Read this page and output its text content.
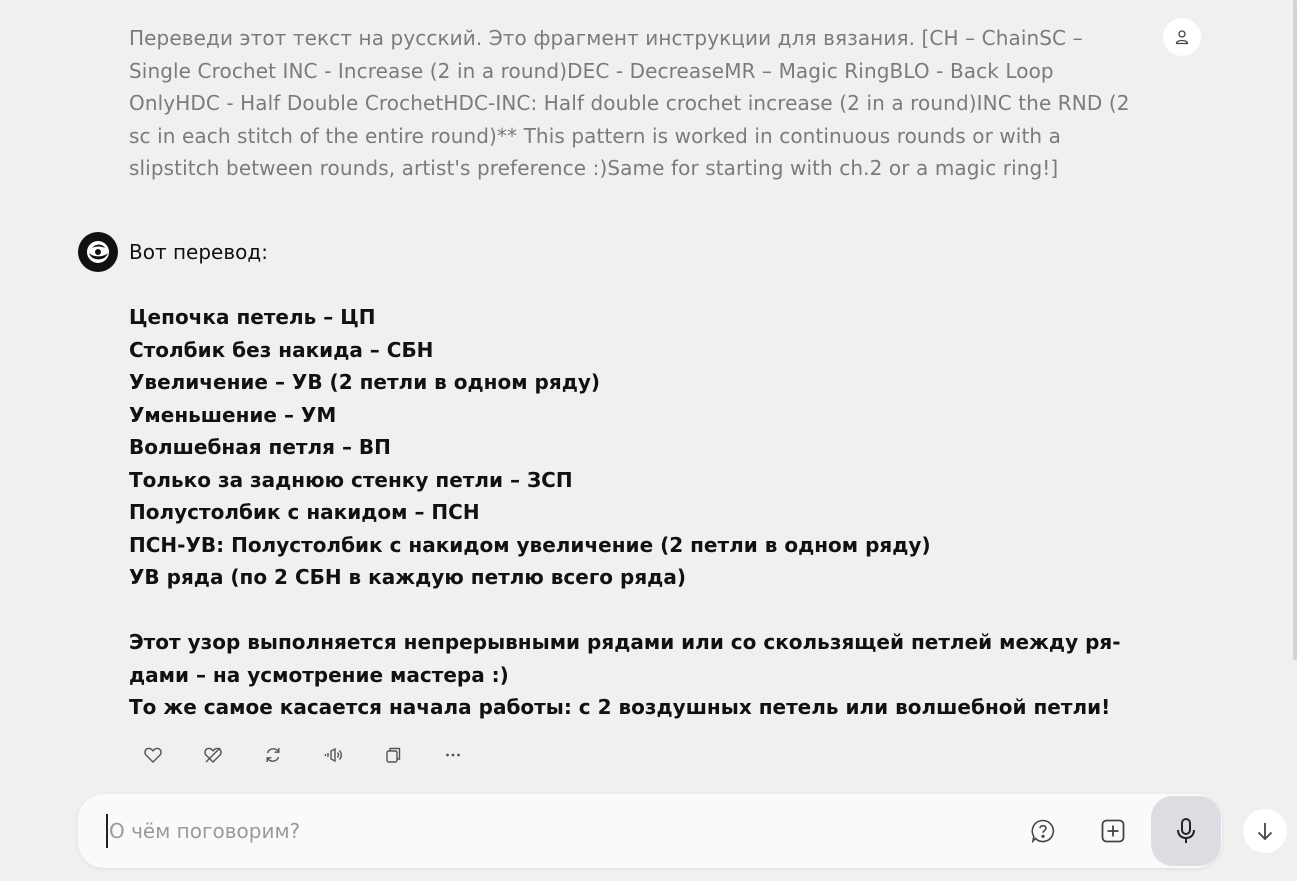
Переведи этот текст на русский. Это фрагмент инструкции для вязания. [CH – ChainSC – Single Crochet INC - Increase (2 in a round)DEC - DecreaseMR – Magic RingBLO - Back Loop OnlyHDC - Half Double CrochetHDC-INC: Half double crochet increase (2 in a round)INC the RND (2 sc in each stitch of the entire round)** This pattern is worked in continuous rounds or with a slipstitch between rounds, artist's preference :)Same for starting with ch.2 or a magic ring!]
Вот перевод:
Цепочка петель – ЦП
Столбик без накида – СБН
Увеличение – УВ (2 петли в одном ряду)
Уменьшение – УМ
Волшебная петля – ВП
Только за заднюю стенку петли – ЗСП
Полустолбик с накидом – ПСН
ПСН-УВ: Полустолбик с накидом увеличение (2 петли в одном ряду)
УВ ряда (по 2 СБН в каждую петлю всего ряда)
Этот узор выполняется непрерывными рядами или со скользящей петлей между ря-дами – на усмотрение мастера :)
То же самое касается начала работы: с 2 воздушных петель или волшебной петли!
О чём поговорим?
